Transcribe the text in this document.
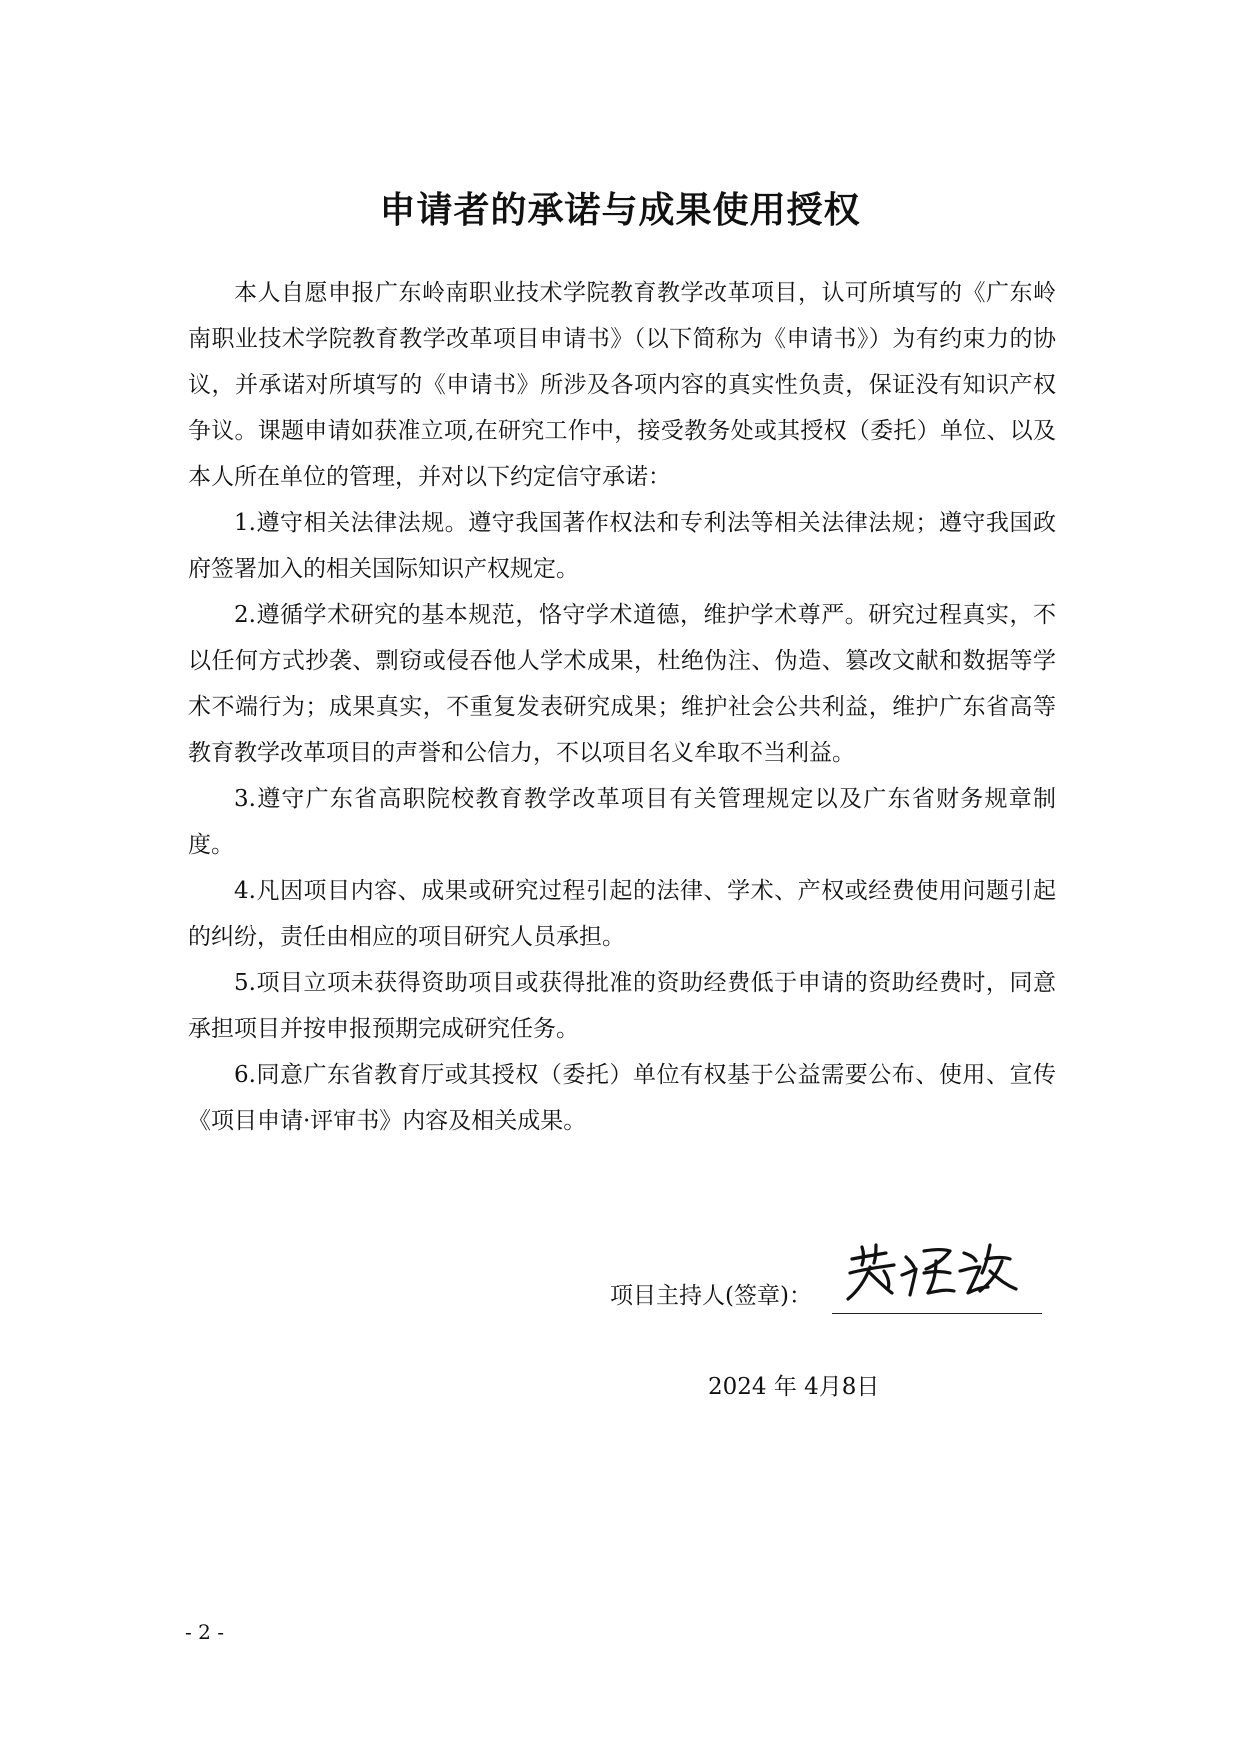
申请者的承诺与成果使用授权

本人自愿申报广东岭南职业技术学院教育教学改革项目，认可所填写的《广东岭南职业技术学院教育教学改革项目申请书》（以下简称为《申请书》）为有约束力的协议，并承诺对所填写的《申请书》所涉及各项内容的真实性负责，保证没有知识产权争议。课题申请如获准立项,在研究工作中，接受教务处或其授权（委托）单位、以及本人所在单位的管理，并对以下约定信守承诺：

1.遵守相关法律法规。遵守我国著作权法和专利法等相关法律法规；遵守我国政府签署加入的相关国际知识产权规定。

2.遵循学术研究的基本规范，恪守学术道德，维护学术尊严。研究过程真实，不以任何方式抄袭、剽窃或侵吞他人学术成果，杜绝伪注、伪造、篡改文献和数据等学术不端行为；成果真实，不重复发表研究成果；维护社会公共利益，维护广东省高等教育教学改革项目的声誉和公信力，不以项目名义牟取不当利益。

3.遵守广东省高职院校教育教学改革项目有关管理规定以及广东省财务规章制度。

4.凡因项目内容、成果或研究过程引起的法律、学术、产权或经费使用问题引起的纠纷，责任由相应的项目研究人员承担。

5.项目立项未获得资助项目或获得批准的资助经费低于申请的资助经费时，同意承担项目并按申报预期完成研究任务。

6.同意广东省教育厅或其授权（委托）单位有权基于公益需要公布、使用、宣传《项目申请·评审书》内容及相关成果。

项目主持人(签章)：
2024 年 4月8日
- 2 -
